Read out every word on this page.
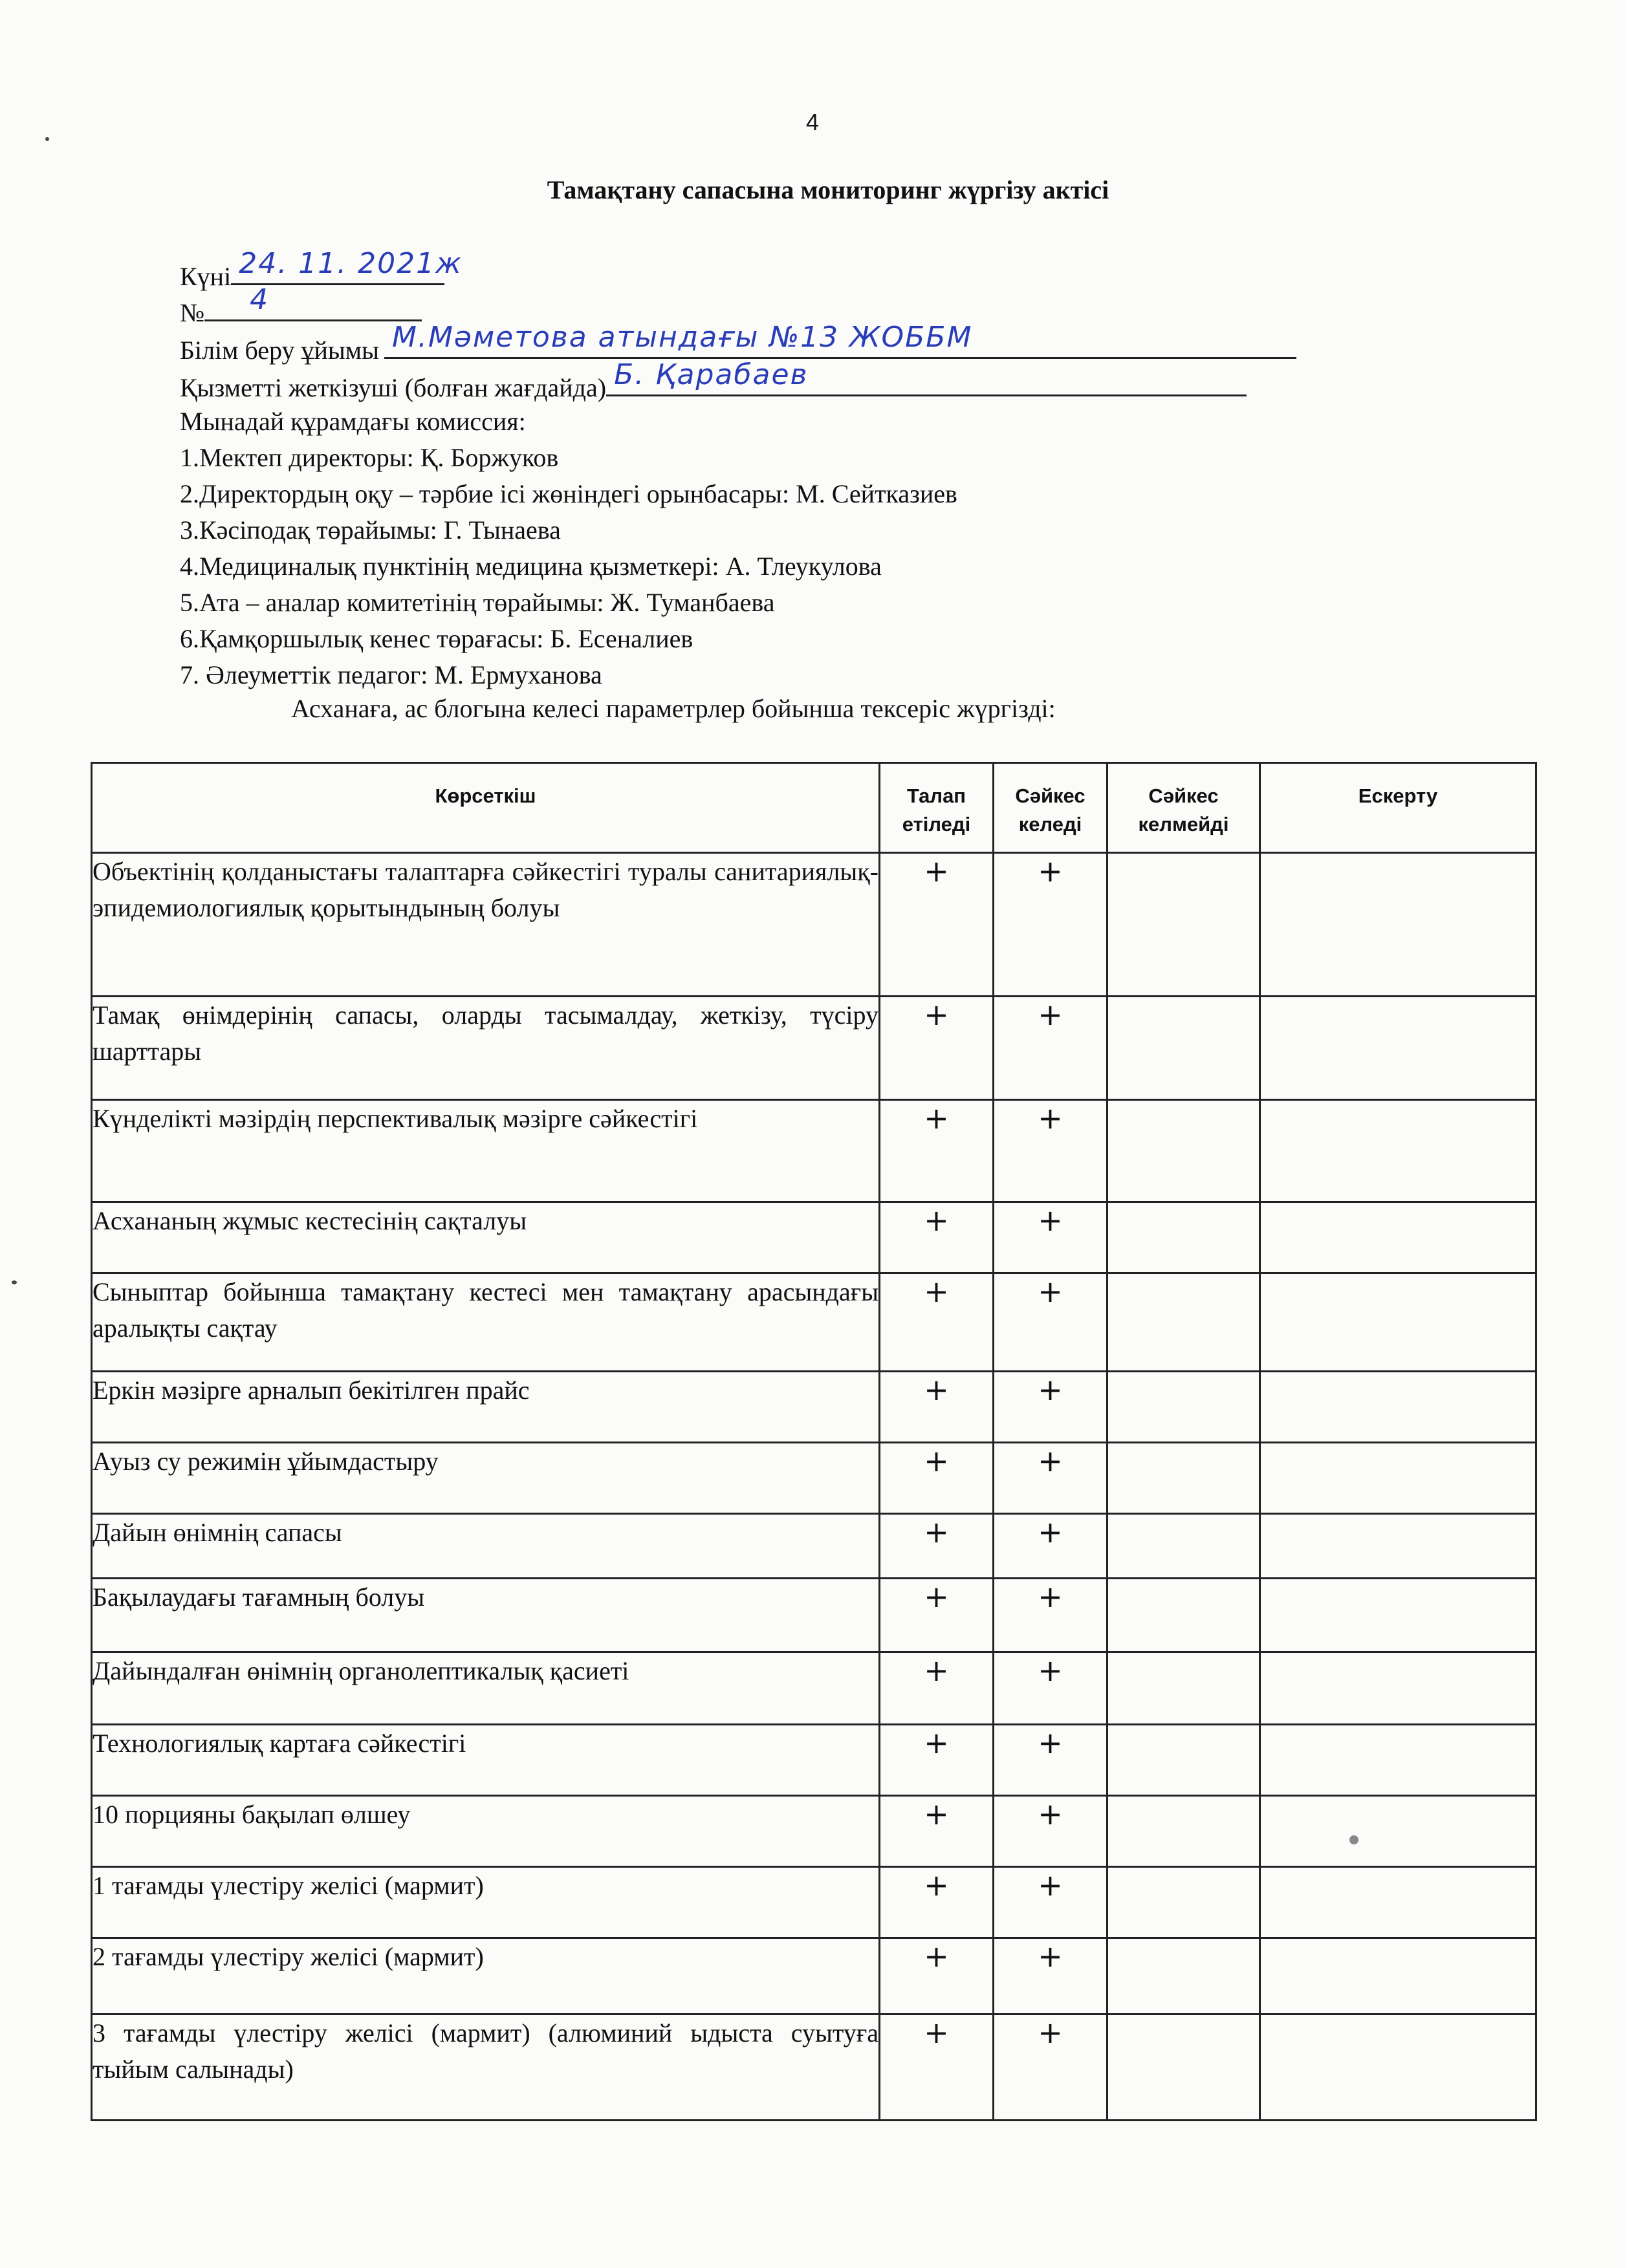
4
Тамақтану сапасына мониторинг жүргізу актісі
Күні 24. 11. 2021ж
№ 4
Білім беру ұйымы М.Мәметова атындағы №13 ЖОББМ
Қызметті жеткізуші (болған жағдайда) Б. Қарабаев
Мынадай құрамдағы комиссия:
1.Мектеп директоры: Қ. Боржуков
2.Директордың оқу – тәрбие ісі жөніндегі орынбасары: М. Сейтказиев
3.Кәсіподақ төрайымы: Г. Тынаева
4.Медициналық пунктінің медицина қызметкері: А. Тлеукулова
5.Ата – аналар комитетінің төрайымы: Ж. Туманбаева
6.Қамқоршылық кенес төрағасы: Б. Есеналиев
7. Әлеуметтік педагог: М. Ермуханова
Асханаға, ас блогына келесі параметрлер бойынша тексеріс жүргізді:
Көрсеткіш	Талап етіледі	Сәйкес келеді	Сәйкес келмейді	Ескерту
Объектінің қолданыстағы талаптарға сәйкестігі туралы санитариялық-эпидемиологиялық қорытындының болуы	+	+		
Тамақ өнімдерінің сапасы, оларды тасымалдау, жеткізу, түсіру шарттары	+	+		
Күнделікті мәзірдің перспективалық мәзірге сәйкестігі	+	+		
Асхананың жұмыс кестесінің сақталуы	+	+		
Сыныптар бойынша тамақтану кестесі мен тамақтану арасындағы аралықты сақтау	+	+		
Еркін мәзірге арналып бекітілген прайс	+	+		
Ауыз су режимін ұйымдастыру	+	+		
Дайын өнімнің сапасы	+	+		
Бақылаудағы тағамның болуы	+	+		
Дайындалған өнімнің органолептикалық қасиеті	+	+		
Технологиялық картаға сәйкестігі	+	+		
10 порцияны бақылап өлшеу	+	+		
1 тағамды үлестіру желісі (мармит)	+	+		
2 тағамды үлестіру желісі (мармит)	+	+		
3 тағамды үлестіру желісі (мармит) (алюминий ыдыста суытуға тыйым салынады)	+	+		
